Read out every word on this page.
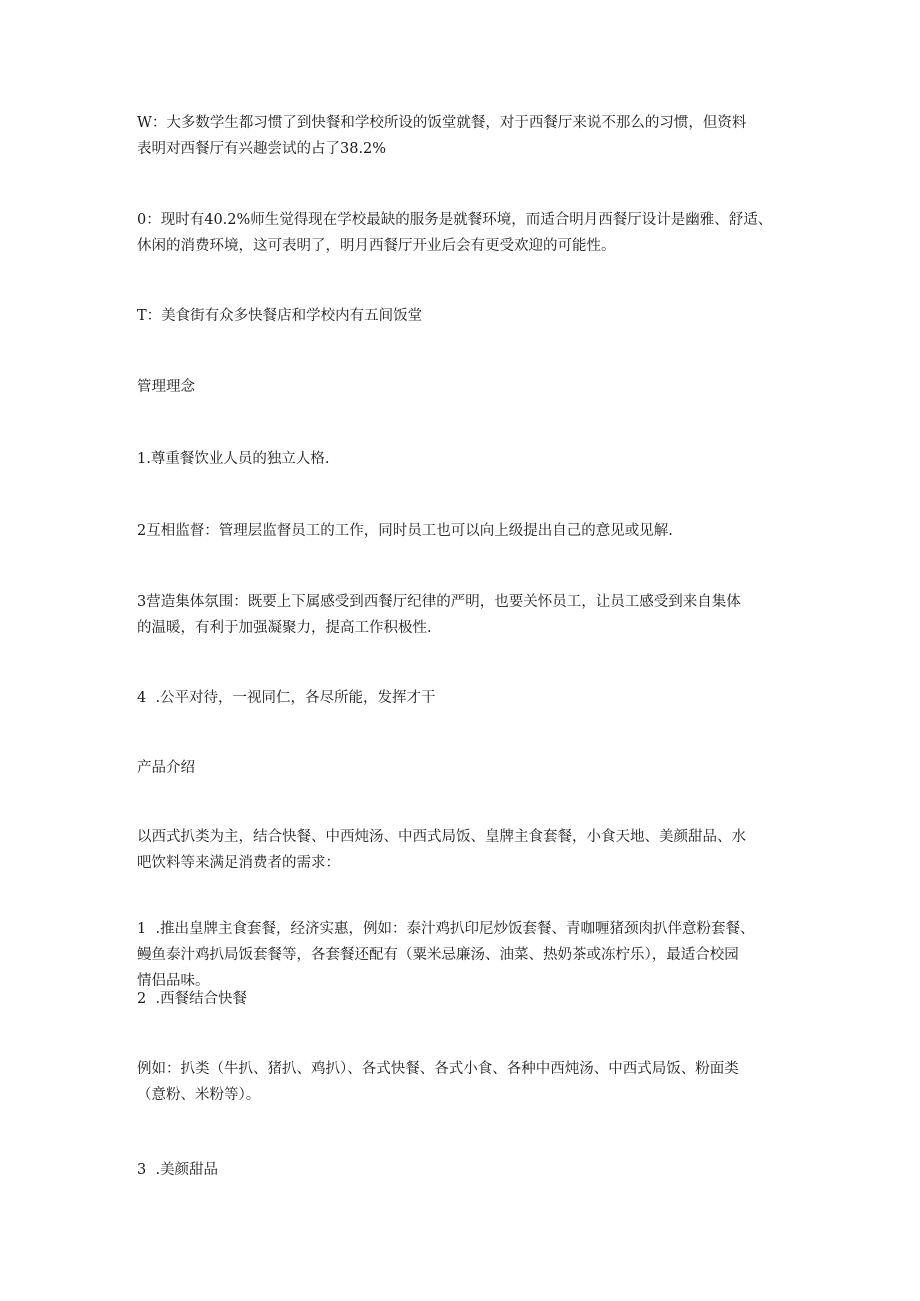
W：大多数学生都习惯了到快餐和学校所设的饭堂就餐，对于西餐厅来说不那么的习惯，但资料
表明对西餐厅有兴趣尝试的占了38.2%
0：现时有40.2%师生觉得现在学校最缺的服务是就餐环境，而适合明月西餐厅设计是幽雅、舒适、
休闲的消费环境，这可表明了，明月西餐厅开业后会有更受欢迎的可能性。
T：美食街有众多快餐店和学校内有五间饭堂
管理理念
1.尊重餐饮业人员的独立人格.
2互相监督：管理层监督员工的工作，同时员工也可以向上级提出自己的意见或见解.
3营造集体氛围：既要上下属感受到西餐厅纪律的严明，也要关怀员工，让员工感受到来自集体
的温暖，有利于加强凝聚力，提高工作积极性.
4  .公平对待，一视同仁，各尽所能，发挥才干
产品介绍
以西式扒类为主，结合快餐、中西炖汤、中西式局饭、皇牌主食套餐，小食天地、美颜甜品、水
吧饮料等来满足消费者的需求：
1  .推出皇牌主食套餐，经济实惠，例如：泰汁鸡扒印尼炒饭套餐、青咖喱猪颈肉扒伴意粉套餐、
鳗鱼泰汁鸡扒局饭套餐等，各套餐还配有（粟米忌廉汤、油菜、热奶茶或冻柠乐），最适合校园
情侣品味。
2  .西餐结合快餐
例如：扒类（牛扒、猪扒、鸡扒）、各式快餐、各式小食、各种中西炖汤、中西式局饭、粉面类
（意粉、米粉等）。
3  .美颜甜品
